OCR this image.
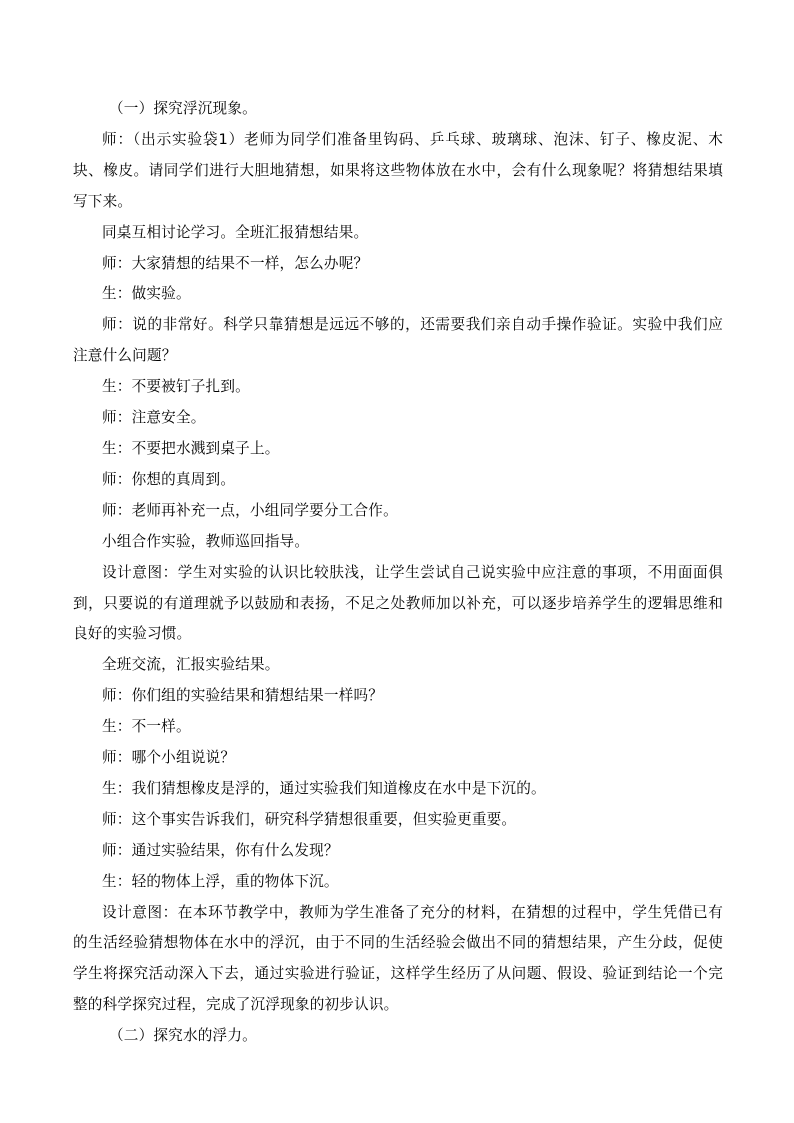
（一）探究浮沉现象。

师：（出示实验袋1）老师为同学们准备里钩码、乒乓球、玻璃球、泡沫、钉子、橡皮泥、木块、橡皮。请同学们进行大胆地猜想，如果将这些物体放在水中，会有什么现象呢？将猜想结果填写下来。

同桌互相讨论学习。全班汇报猜想结果。

师：大家猜想的结果不一样，怎么办呢？

生：做实验。

师：说的非常好。科学只靠猜想是远远不够的，还需要我们亲自动手操作验证。实验中我们应注意什么问题？

生：不要被钉子扎到。

师：注意安全。

生：不要把水溅到桌子上。

师：你想的真周到。

师：老师再补充一点，小组同学要分工合作。

小组合作实验，教师巡回指导。

设计意图：学生对实验的认识比较肤浅，让学生尝试自己说实验中应注意的事项，不用面面俱到，只要说的有道理就予以鼓励和表扬，不足之处教师加以补充，可以逐步培养学生的逻辑思维和良好的实验习惯。

全班交流，汇报实验结果。

师：你们组的实验结果和猜想结果一样吗？

生：不一样。

师：哪个小组说说？

生：我们猜想橡皮是浮的，通过实验我们知道橡皮在水中是下沉的。

师：这个事实告诉我们，研究科学猜想很重要，但实验更重要。

师：通过实验结果，你有什么发现？

生：轻的物体上浮，重的物体下沉。

设计意图：在本环节教学中，教师为学生准备了充分的材料，在猜想的过程中，学生凭借已有的生活经验猜想物体在水中的浮沉，由于不同的生活经验会做出不同的猜想结果，产生分歧，促使学生将探究活动深入下去，通过实验进行验证，这样学生经历了从问题、假设、验证到结论一个完整的科学探究过程，完成了沉浮现象的初步认识。

（二）探究水的浮力。
